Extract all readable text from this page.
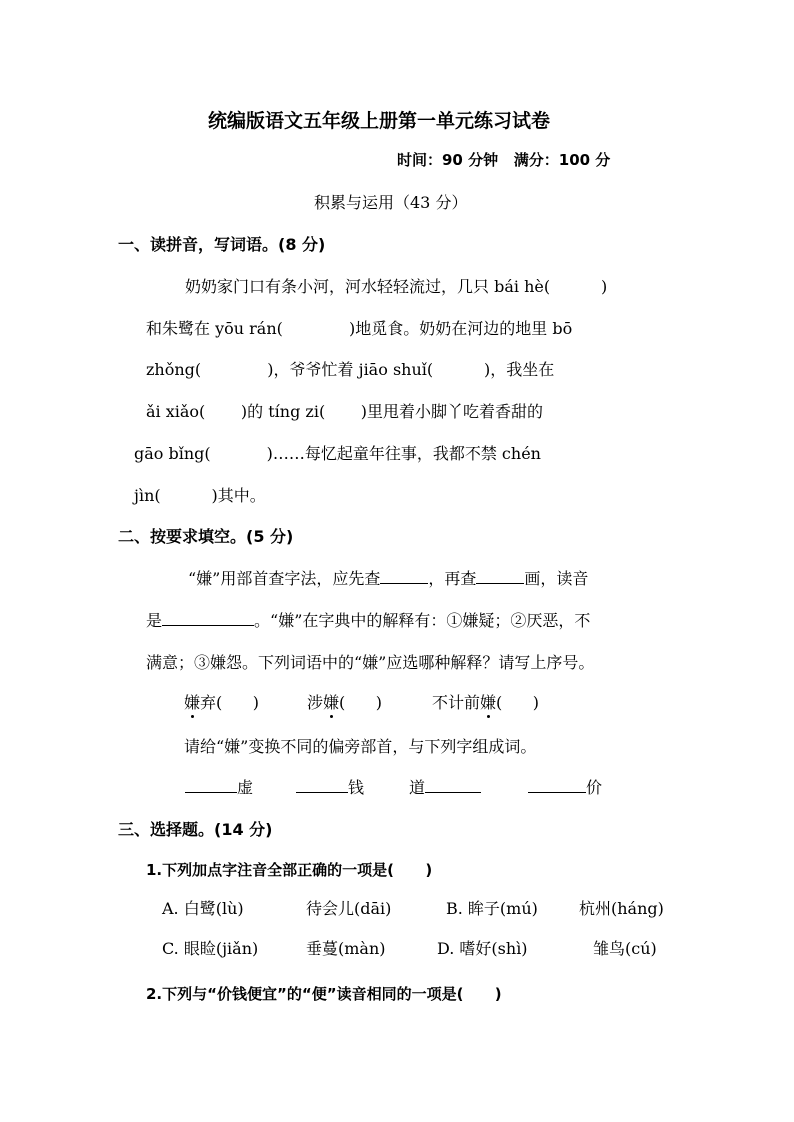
统编版语文五年级上册第一单元练习试卷
时间：90 分钟   满分：100 分
积累与运用（43 分）
一、读拼音，写词语。(8 分)
奶奶家门口有条小河，河水轻轻流过，几只 bái hè(          )
和朱鹭在 yōu rán(             )地觅食。奶奶在河边的地里 bō
zhǒng(             )，爷爷忙着 jiāo shuǐ(          )，我坐在
ǎi xiǎo(       )的 tíng zi(       )里甩着小脚丫吃着香甜的
gāo bǐng(           )……每忆起童年往事，我都不禁 chén
jìn(          )其中。
二、按要求填空。(5 分)
“嫌”用部首查字法，应先查	，再查	画，读音
是	。“嫌”在字典中的解释有：①嫌疑；②厌恶，不
满意；③嫌怨。下列词语中的“嫌”应选哪种解释？请写上序号。
嫌弃(      )	涉嫌(      )	不计前嫌(      )
请给“嫌”变换不同的偏旁部首，与下列字组成词。
虚	钱	道	价
三、选择题。(14 分)
1.下列加点字注音全部正确的一项是(      )
A. 白鹭(lù)	待会儿(dāi)	B. 眸子(mú)	杭州(háng)
C. 眼睑(jiǎn)	垂蔓(màn)	D. 嗜好(shì)	雏鸟(cú)
2.下列与“价钱便宜”的“便”读音相同的一项是(      )
